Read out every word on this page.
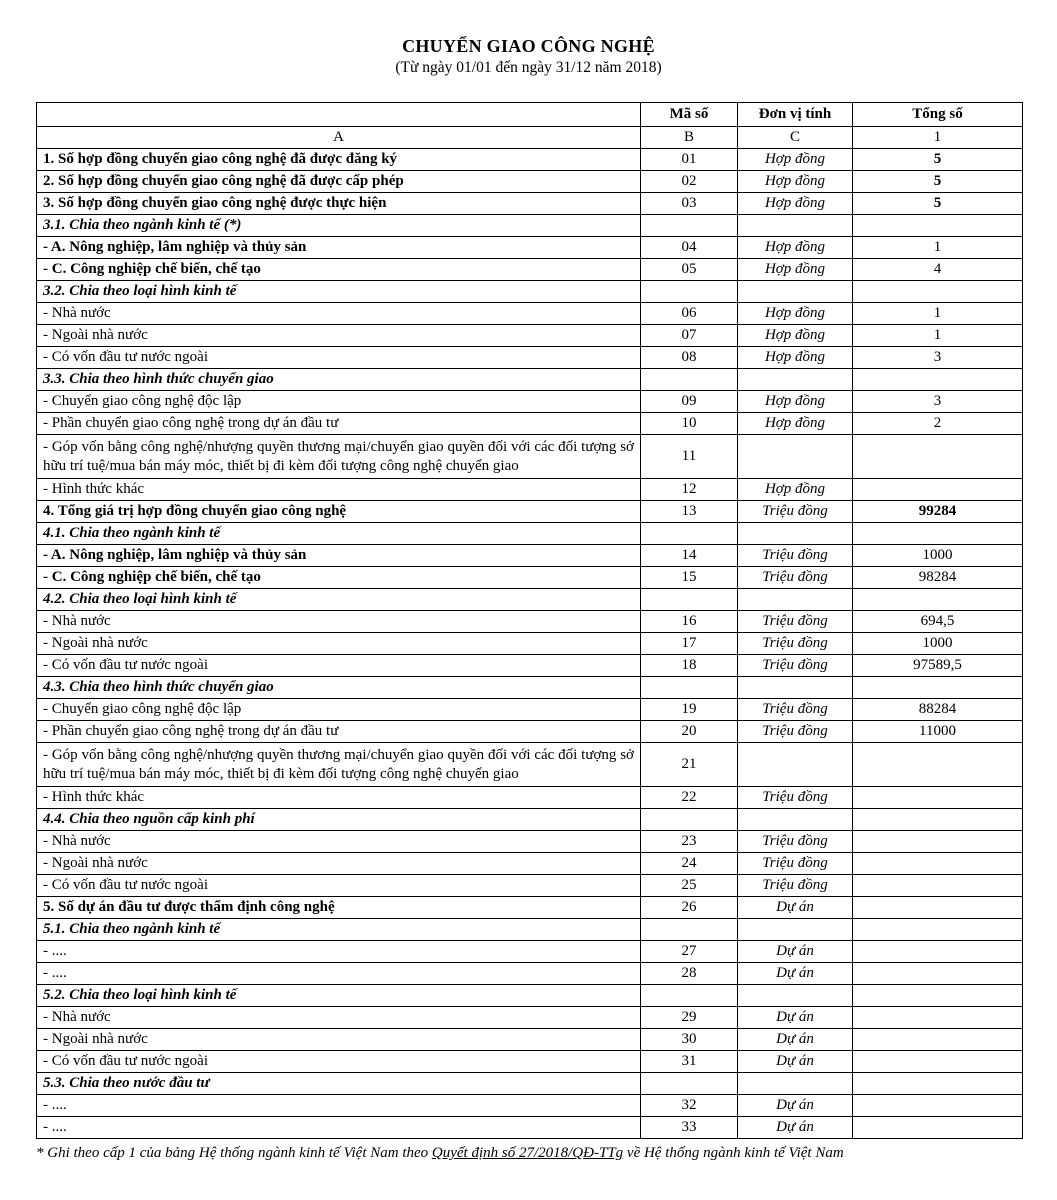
CHUYỂN GIAO CÔNG NGHỆ
(Từ ngày 01/01 đến ngày 31/12 năm 2018)
	Mã số	Đơn vị tính	Tổng số
A	B	C	1
1. Số hợp đồng chuyển giao công nghệ đã được đăng ký	01	Hợp đồng	5
2. Số hợp đồng chuyển giao công nghệ đã được cấp phép	02	Hợp đồng	5
3. Số hợp đồng chuyển giao công nghệ được thực hiện	03	Hợp đồng	5
3.1. Chia theo ngành kinh tế (*)			
- A. Nông nghiệp, lâm nghiệp và thủy sản	04	Hợp đồng	1
- C. Công nghiệp chế biến, chế tạo	05	Hợp đồng	4
3.2. Chia theo loại hình kinh tế			
- Nhà nước	06	Hợp đồng	1
- Ngoài nhà nước	07	Hợp đồng	1
- Có vốn đầu tư nước ngoài	08	Hợp đồng	3
3.3. Chia theo hình thức chuyển giao			
- Chuyển giao công nghệ độc lập	09	Hợp đồng	3
- Phần chuyển giao công nghệ trong dự án đầu tư	10	Hợp đồng	2
- Góp vốn bằng công nghệ/nhượng quyền thương mại/chuyển giao quyền đối với các đối tượng sở hữu trí tuệ/mua bán máy móc, thiết bị đi kèm đối tượng công nghệ chuyển giao	11		
- Hình thức khác	12	Hợp đồng	
4. Tổng giá trị hợp đồng chuyển giao công nghệ	13	Triệu đồng	99284
4.1. Chia theo ngành kinh tế			
- A. Nông nghiệp, lâm nghiệp và thủy sản	14	Triệu đồng	1000
- C. Công nghiệp chế biến, chế tạo	15	Triệu đồng	98284
4.2. Chia theo loại hình kinh tế			
- Nhà nước	16	Triệu đồng	694,5
- Ngoài nhà nước	17	Triệu đồng	1000
- Có vốn đầu tư nước ngoài	18	Triệu đồng	97589,5
4.3. Chia theo hình thức chuyển giao			
- Chuyển giao công nghệ độc lập	19	Triệu đồng	88284
- Phần chuyển giao công nghệ trong dự án đầu tư	20	Triệu đồng	11000
- Góp vốn bằng công nghệ/nhượng quyền thương mại/chuyển giao quyền đối với các đối tượng sở hữu trí tuệ/mua bán máy móc, thiết bị đi kèm đối tượng công nghệ chuyển giao	21		
- Hình thức khác	22	Triệu đồng	
4.4. Chia theo nguồn cấp kinh phí			
- Nhà nước	23	Triệu đồng	
- Ngoài nhà nước	24	Triệu đồng	
- Có vốn đầu tư nước ngoài	25	Triệu đồng	
5. Số dự án đầu tư được thẩm định công nghệ	26	Dự án	
5.1. Chia theo ngành kinh tế			
- ....	27	Dự án	
- ....	28	Dự án	
5.2. Chia theo loại hình kinh tế			
- Nhà nước	29	Dự án	
- Ngoài nhà nước	30	Dự án	
- Có vốn đầu tư nước ngoài	31	Dự án	
5.3. Chia theo nước đầu tư			
- ....	32	Dự án	
- ....	33	Dự án	
* Ghi theo cấp 1 của bảng Hệ thống ngành kinh tế Việt Nam theo Quyết định số 27/2018/QĐ-TTg về Hệ thống ngành kinh tế Việt Nam
